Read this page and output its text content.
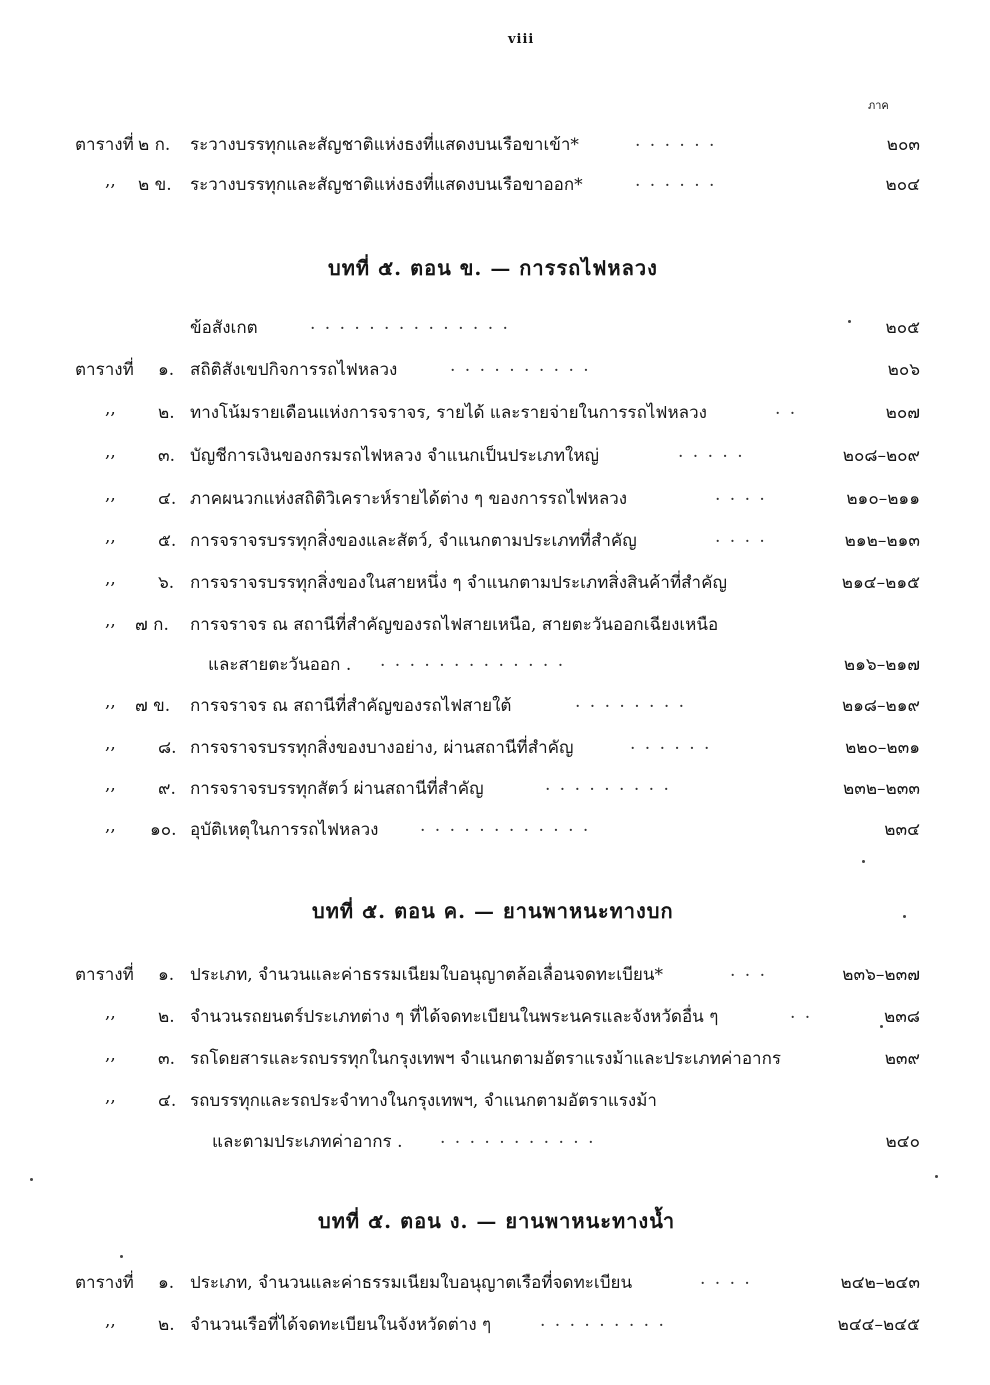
viii
ภาค
ตารางที่ ๒ ก. ระวางบรรทุกและสัญชาติแห่งธงที่แสดงบนเรือขาเข้า*	. . . . . .	๒๐๓
,, ๒ ข. ระวางบรรทุกและสัญชาติแห่งธงที่แสดงบนเรือขาออก*	. . . . . .	๒๐๔
บทที่ ๕. ตอน ข. — การรถไฟหลวง
ข้อสังเกต	. . . . . . . . . . . . . .	๒๐๕
ตารางที่ ๑. สถิติสังเขปกิจการรถไฟหลวง	. . . . . . . . . .	๒๐๖
,, ๒. ทางโน้มรายเดือนแห่งการจราจร, รายได้ และรายจ่ายในการรถไฟหลวง	. .	๒๐๗
,, ๓. บัญชีการเงินของกรมรถไฟหลวง จำแนกเป็นประเภทใหญ่	. . . . .	๒๐๘–๒๐๙
,, ๔. ภาคผนวกแห่งสถิติวิเคราะห์รายได้ต่าง ๆ ของการรถไฟหลวง	. . . .	๒๑๐–๒๑๑
,, ๕. การจราจรบรรทุกสิ่งของและสัตว์, จำแนกตามประเภทที่สำคัญ	. . . .	๒๑๒–๒๑๓
,, ๖. การจราจรบรรทุกสิ่งของในสายหนึ่ง ๆ จำแนกตามประเภทสิ่งสินค้าที่สำคัญ	๒๑๔–๒๑๕
,, ๗ ก. การจราจร ณ สถานีที่สำคัญของรถไฟสายเหนือ, สายตะวันออกเฉียงเหนือ
และสายตะวันออก . . . . . . . . . . . . . .	๒๑๖–๒๑๗
,, ๗ ข. การจราจร ณ สถานีที่สำคัญของรถไฟสายใต้	. . . . . . . .	๒๑๘–๒๑๙
,, ๘. การจราจรบรรทุกสิ่งของบางอย่าง, ผ่านสถานีที่สำคัญ	. . . . . .	๒๒๐–๒๓๑
,, ๙. การจราจรบรรทุกสัตว์ ผ่านสถานีที่สำคัญ	. . . . . . . . .	๒๓๒–๒๓๓
,, ๑๐. อุบัติเหตุในการรถไฟหลวง . . . . . . . . . . . .	๒๓๔
บทที่ ๕. ตอน ค. — ยานพาหนะทางบก
ตารางที่ ๑. ประเภท, จำนวนและค่าธรรมเนียมใบอนุญาตล้อเลื่อนจดทะเบียน*	. . .	๒๓๖–๒๓๗
,, ๒. จำนวนรถยนตร์ประเภทต่าง ๆ ที่ได้จดทะเบียนในพระนครและจังหวัดอื่น ๆ	. .	๒๓๘
,, ๓. รถโดยสารและรถบรรทุกในกรุงเทพฯ จำแนกตามอัตราแรงม้าและประเภทค่าอากร	๒๓๙
,, ๔. รถบรรทุกและรถประจำทางในกรุงเทพฯ, จำแนกตามอัตราแรงม้า
และตามประเภทค่าอากร . . . . . . . . . . . .	๒๔๐
บทที่ ๕. ตอน ง. — ยานพาหนะทางน้ำ
ตารางที่ ๑. ประเภท, จำนวนและค่าธรรมเนียมใบอนุญาตเรือที่จดทะเบียน	. . . .	๒๔๒–๒๔๓
,, ๒. จำนวนเรือที่ได้จดทะเบียนในจังหวัดต่าง ๆ	. . . . . . . . .	๒๔๔–๒๔๕
